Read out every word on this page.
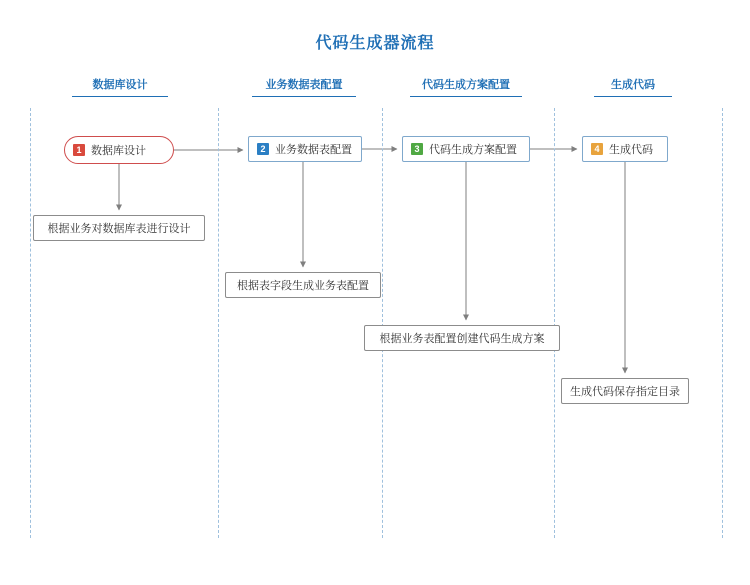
代码生成器流程
数据库设计	业务数据表配置	代码生成方案配置	生成代码
1 数据库设计	2 业务数据表配置	3 代码生成方案配置	4 生成代码
根据业务对数据库表进行设计
根据表字段生成业务表配置
根据业务表配置创建代码生成方案
生成代码保存指定目录
